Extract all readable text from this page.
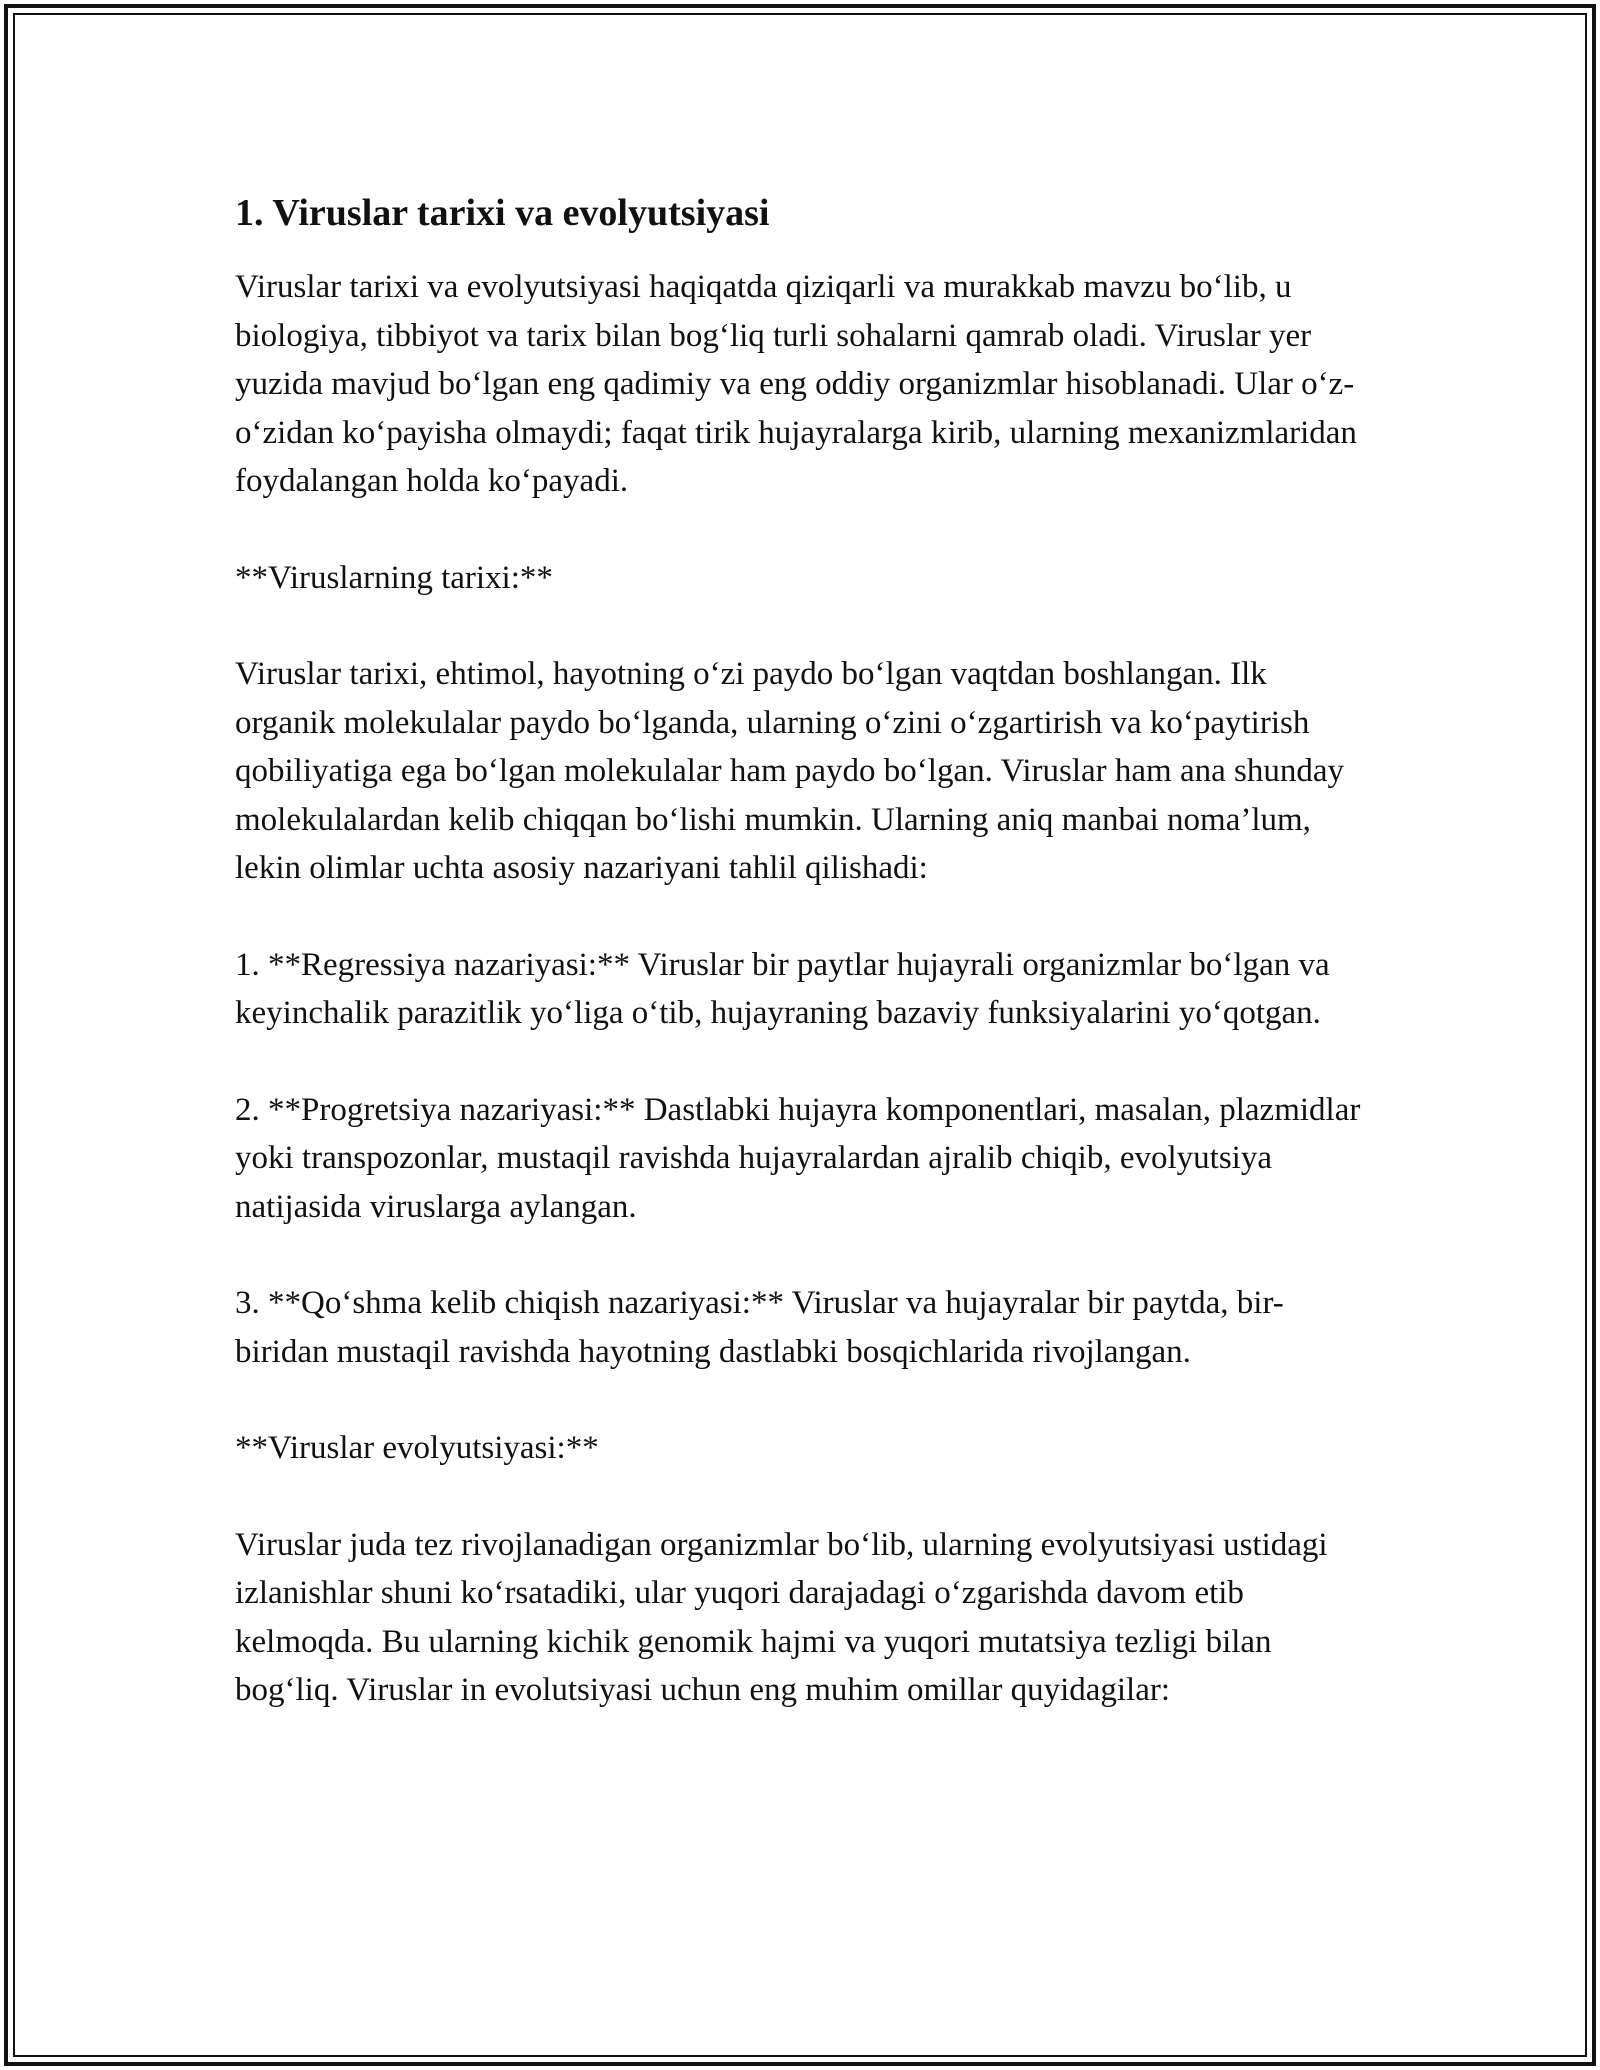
1. Viruslar tarixi va evolyutsiyasi

Viruslar tarixi va evolyutsiyasi haqiqatda qiziqarli va murakkab mavzu bo‘lib, u biologiya, tibbiyot va tarix bilan bog‘liq turli sohalarni qamrab oladi. Viruslar yer yuzida mavjud bo‘lgan eng qadimiy va eng oddiy organizmlar hisoblanadi. Ular o‘z-o‘zidan ko‘payisha olmaydi; faqat tirik hujayralarga kirib, ularning mexanizmlaridan foydalangan holda ko‘payadi.

**Viruslarning tarixi:**

Viruslar tarixi, ehtimol, hayotning o‘zi paydo bo‘lgan vaqtdan boshlangan. Ilk organik molekulalar paydo bo‘lganda, ularning o‘zini o‘zgartirish va ko‘paytirish qobiliyatiga ega bo‘lgan molekulalar ham paydo bo‘lgan. Viruslar ham ana shunday molekulalardan kelib chiqqan bo‘lishi mumkin. Ularning aniq manbai noma’lum, lekin olimlar uchta asosiy nazariyani tahlil qilishadi:

1. **Regressiya nazariyasi:** Viruslar bir paytlar hujayrali organizmlar bo‘lgan va keyinchalik parazitlik yo‘liga o‘tib, hujayraning bazaviy funksiyalarini yo‘qotgan.

2. **Progretsiya nazariyasi:** Dastlabki hujayra komponentlari, masalan, plazmidlar yoki transpozonlar, mustaqil ravishda hujayralardan ajralib chiqib, evolyutsiya natijasida viruslarga aylangan.

3. **Qo‘shma kelib chiqish nazariyasi:** Viruslar va hujayralar bir paytda, bir-biridan mustaqil ravishda hayotning dastlabki bosqichlarida rivojlangan.

**Viruslar evolyutsiyasi:**

Viruslar juda tez rivojlanadigan organizmlar bo‘lib, ularning evolyutsiyasi ustidagi izlanishlar shuni ko‘rsatadiki, ular yuqori darajadagi o‘zgarishda davom etib kelmoqda. Bu ularning kichik genomik hajmi va yuqori mutatsiya tezligi bilan bog‘liq. Viruslar in evolutsiyasi uchun eng muhim omillar quyidagilar:
